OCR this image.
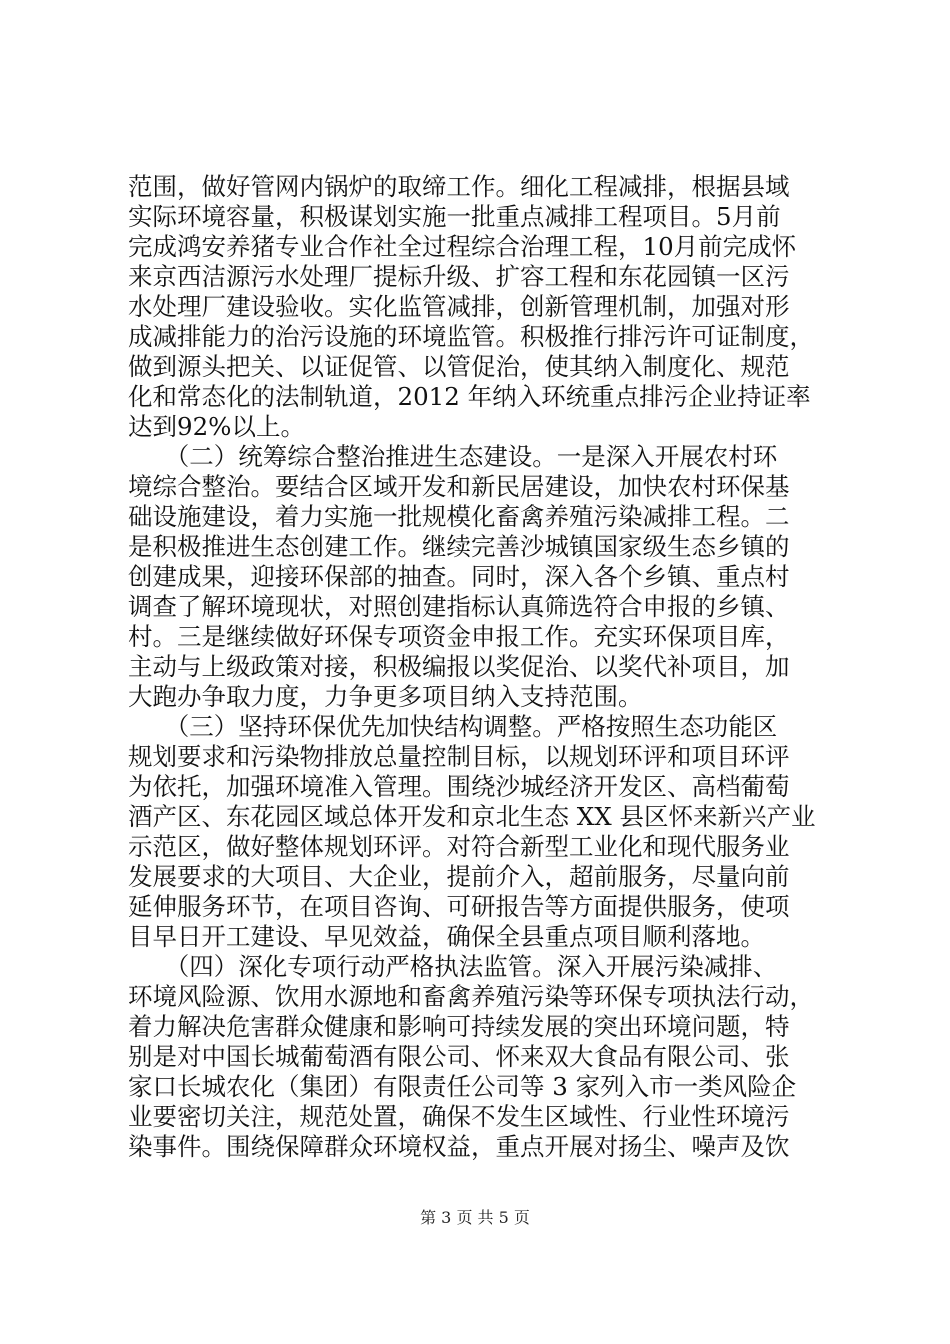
范围，做好管网内锅炉的取缔工作。细化工程减排，根据县域
实际环境容量，积极谋划实施一批重点减排工程项目。5月前
完成鸿安养猪专业合作社全过程综合治理工程，10月前完成怀
来京西洁源污水处理厂提标升级、扩容工程和东花园镇一区污
水处理厂建设验收。实化监管减排，创新管理机制，加强对形
成减排能力的治污设施的环境监管。积极推行排污许可证制度，
做到源头把关、以证促管、以管促治，使其纳入制度化、规范
化和常态化的法制轨道，2012 年纳入环统重点排污企业持证率
达到92%以上。
　　（二）统筹综合整治推进生态建设。一是深入开展农村环
境综合整治。要结合区域开发和新民居建设，加快农村环保基
础设施建设，着力实施一批规模化畜禽养殖污染减排工程。二
是积极推进生态创建工作。继续完善沙城镇国家级生态乡镇的
创建成果，迎接环保部的抽查。同时，深入各个乡镇、重点村
调查了解环境现状，对照创建指标认真筛选符合申报的乡镇、
村。三是继续做好环保专项资金申报工作。充实环保项目库，
主动与上级政策对接，积极编报以奖促治、以奖代补项目，加
大跑办争取力度，力争更多项目纳入支持范围。
　　（三）坚持环保优先加快结构调整。严格按照生态功能区
规划要求和污染物排放总量控制目标，以规划环评和项目环评
为依托，加强环境准入管理。围绕沙城经济开发区、高档葡萄
酒产区、东花园区域总体开发和京北生态 XX 县区怀来新兴产业
示范区，做好整体规划环评。对符合新型工业化和现代服务业
发展要求的大项目、大企业，提前介入，超前服务，尽量向前
延伸服务环节，在项目咨询、可研报告等方面提供服务，使项
目早日开工建设、早见效益，确保全县重点项目顺利落地。
　　（四）深化专项行动严格执法监管。深入开展污染减排、
环境风险源、饮用水源地和畜禽养殖污染等环保专项执法行动，
着力解决危害群众健康和影响可持续发展的突出环境问题，特
别是对中国长城葡萄酒有限公司、怀来双大食品有限公司、张
家口长城农化（集团）有限责任公司等 3 家列入市一类风险企
业要密切关注，规范处置，确保不发生区域性、行业性环境污
染事件。围绕保障群众环境权益，重点开展对扬尘、噪声及饮
第 3 页 共 5 页
